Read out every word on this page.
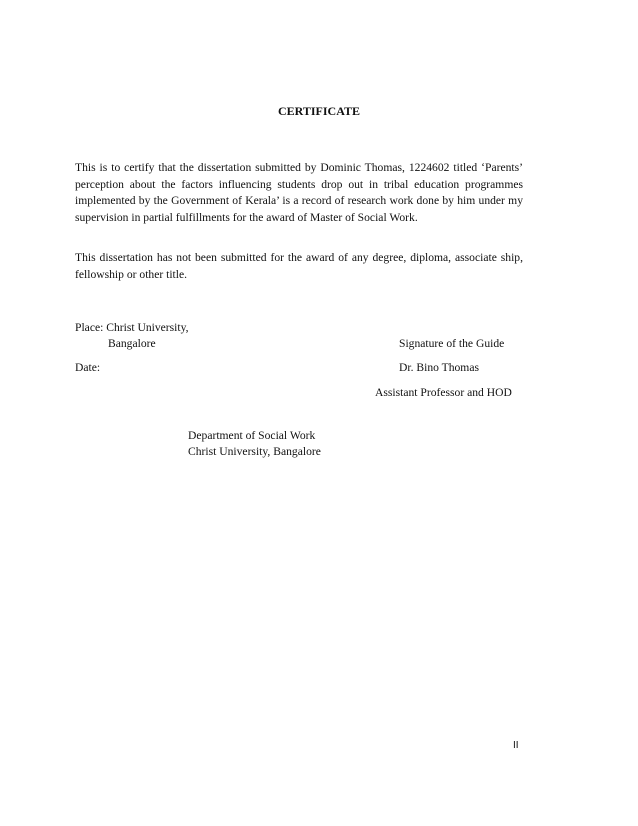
CERTIFICATE

This is to certify that the dissertation submitted by Dominic Thomas, 1224602 titled ‘Parents’ perception about the factors influencing students drop out in tribal education programmes implemented by the Government of Kerala’ is a record of research work done by him under my supervision in partial fulfillments for the award of Master of Social Work.

This dissertation has not been submitted for the award of any degree, diploma, associate ship, fellowship or other title.

Place: Christ University,
Bangalore	Signature of the Guide
Date:	Dr. Bino Thomas
Assistant Professor and HOD
Department of Social Work
Christ University, Bangalore
II
